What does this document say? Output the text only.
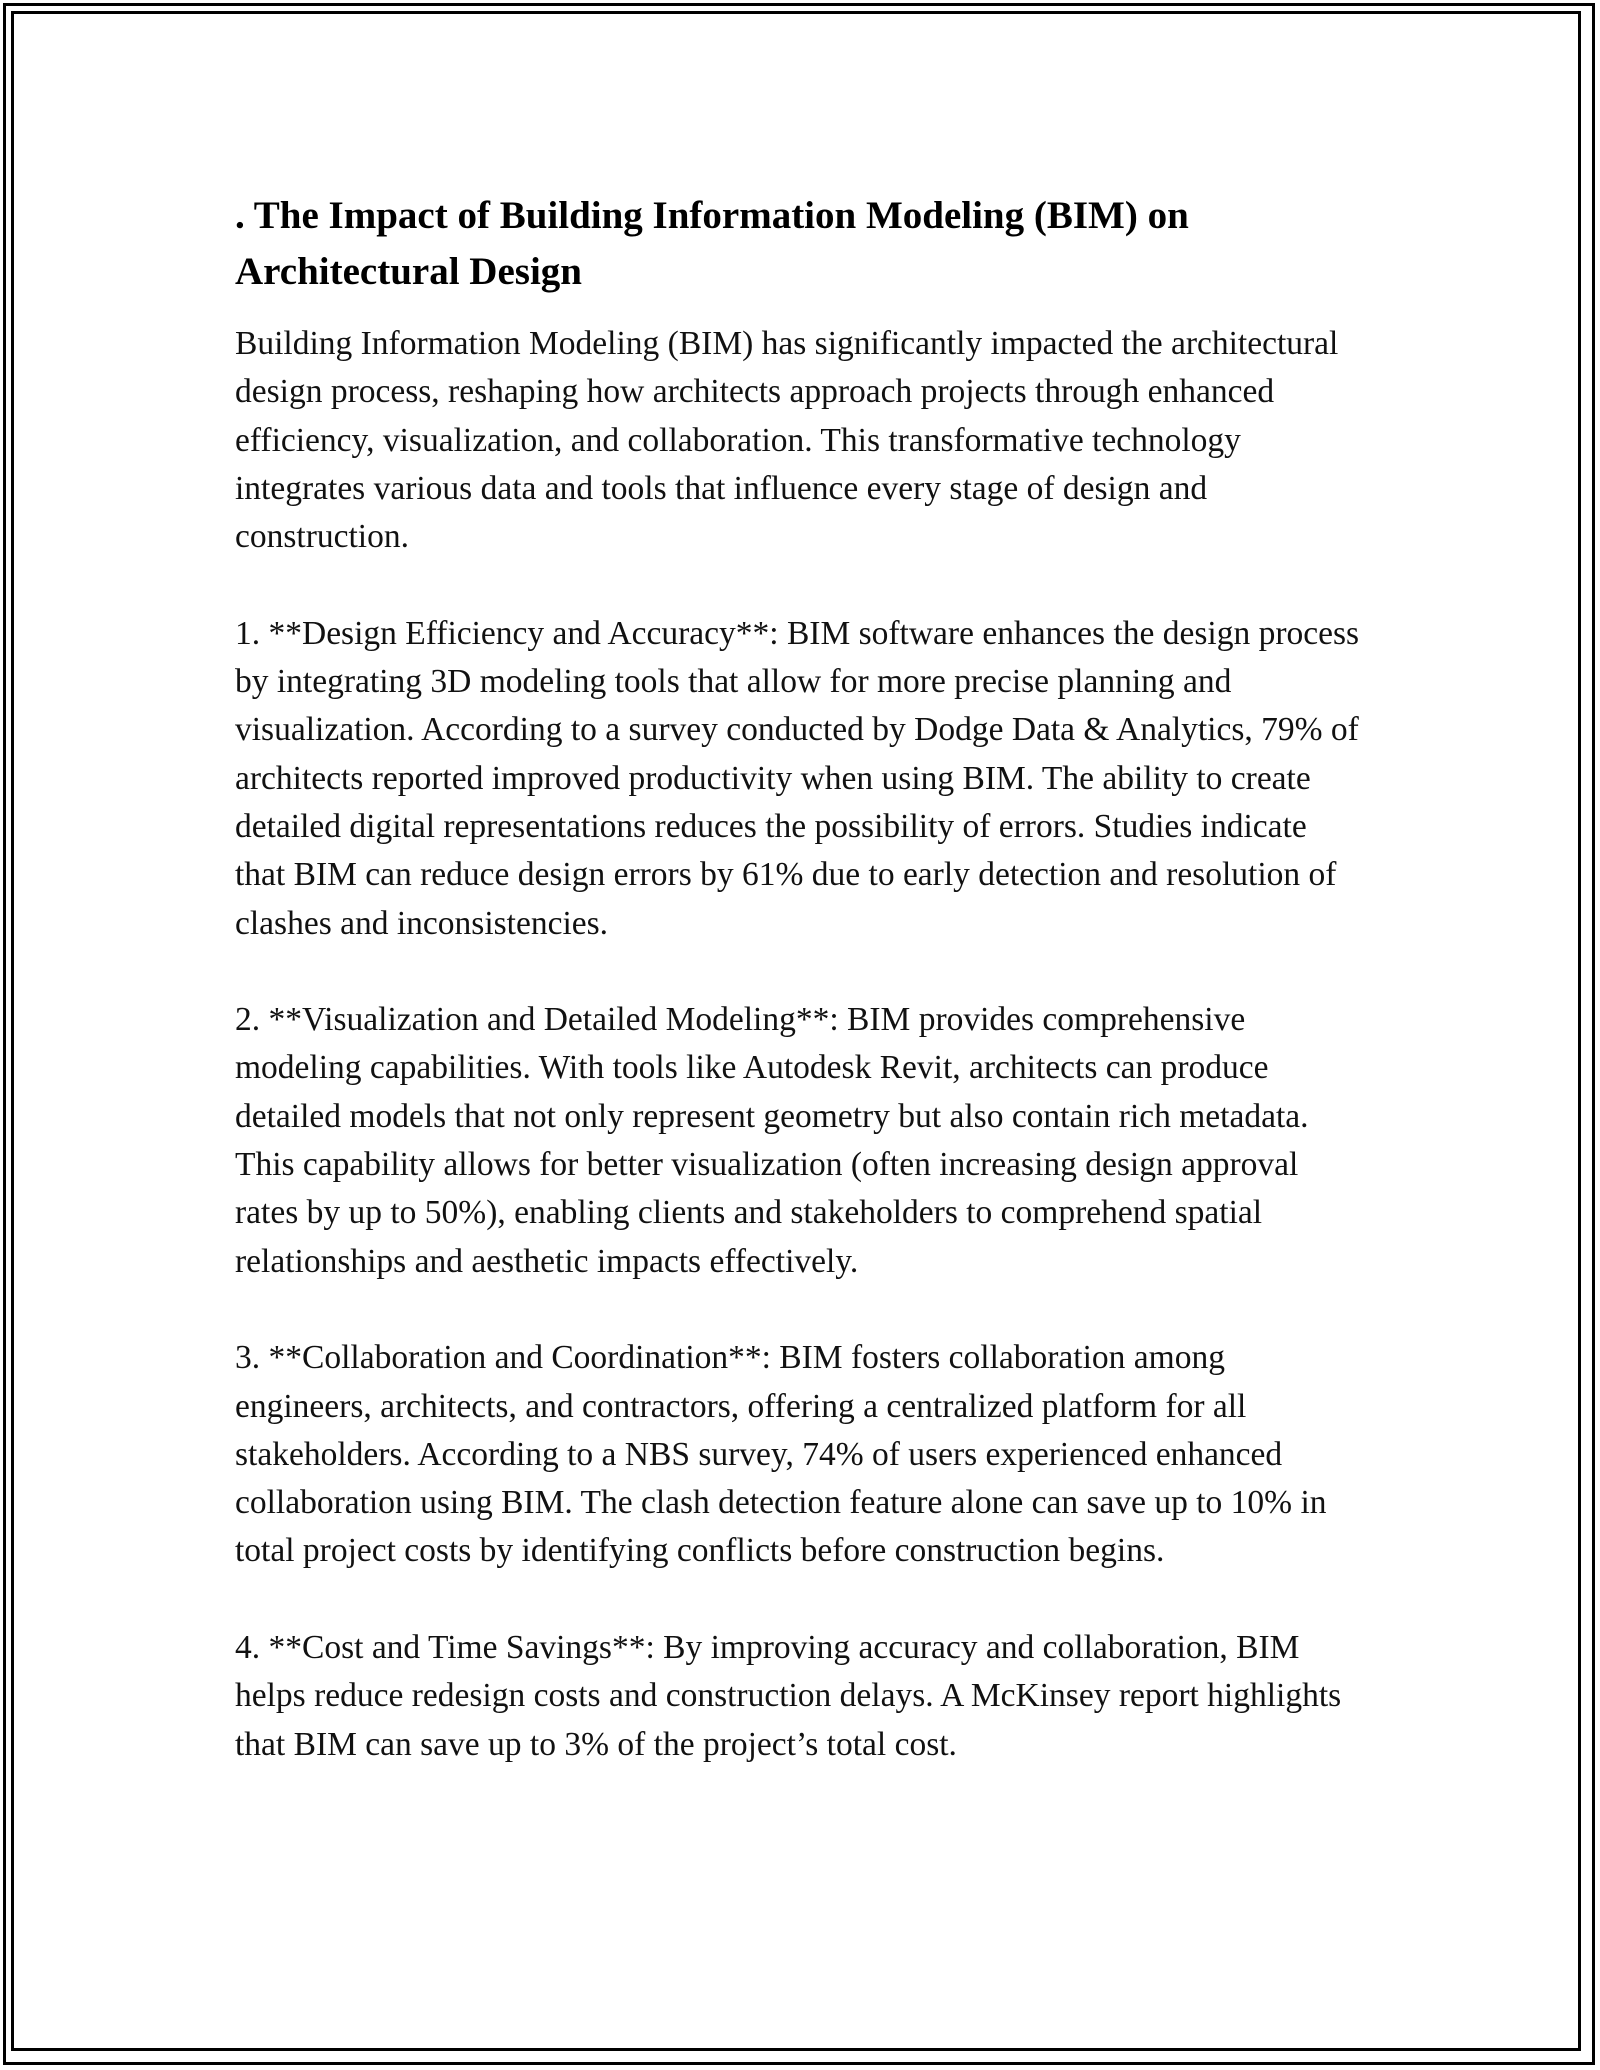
. The Impact of Building Information Modeling (BIM) on Architectural Design

Building Information Modeling (BIM) has significantly impacted the architectural design process, reshaping how architects approach projects through enhanced efficiency, visualization, and collaboration. This transformative technology integrates various data and tools that influence every stage of design and construction.

1. **Design Efficiency and Accuracy**: BIM software enhances the design process by integrating 3D modeling tools that allow for more precise planning and visualization. According to a survey conducted by Dodge Data & Analytics, 79% of architects reported improved productivity when using BIM. The ability to create detailed digital representations reduces the possibility of errors. Studies indicate that BIM can reduce design errors by 61% due to early detection and resolution of clashes and inconsistencies.

2. **Visualization and Detailed Modeling**: BIM provides comprehensive modeling capabilities. With tools like Autodesk Revit, architects can produce detailed models that not only represent geometry but also contain rich metadata. This capability allows for better visualization (often increasing design approval rates by up to 50%), enabling clients and stakeholders to comprehend spatial relationships and aesthetic impacts effectively.

3. **Collaboration and Coordination**: BIM fosters collaboration among engineers, architects, and contractors, offering a centralized platform for all stakeholders. According to a NBS survey, 74% of users experienced enhanced collaboration using BIM. The clash detection feature alone can save up to 10% in total project costs by identifying conflicts before construction begins.

4. **Cost and Time Savings**: By improving accuracy and collaboration, BIM helps reduce redesign costs and construction delays. A McKinsey report highlights that BIM can save up to 3% of the project’s total cost.
